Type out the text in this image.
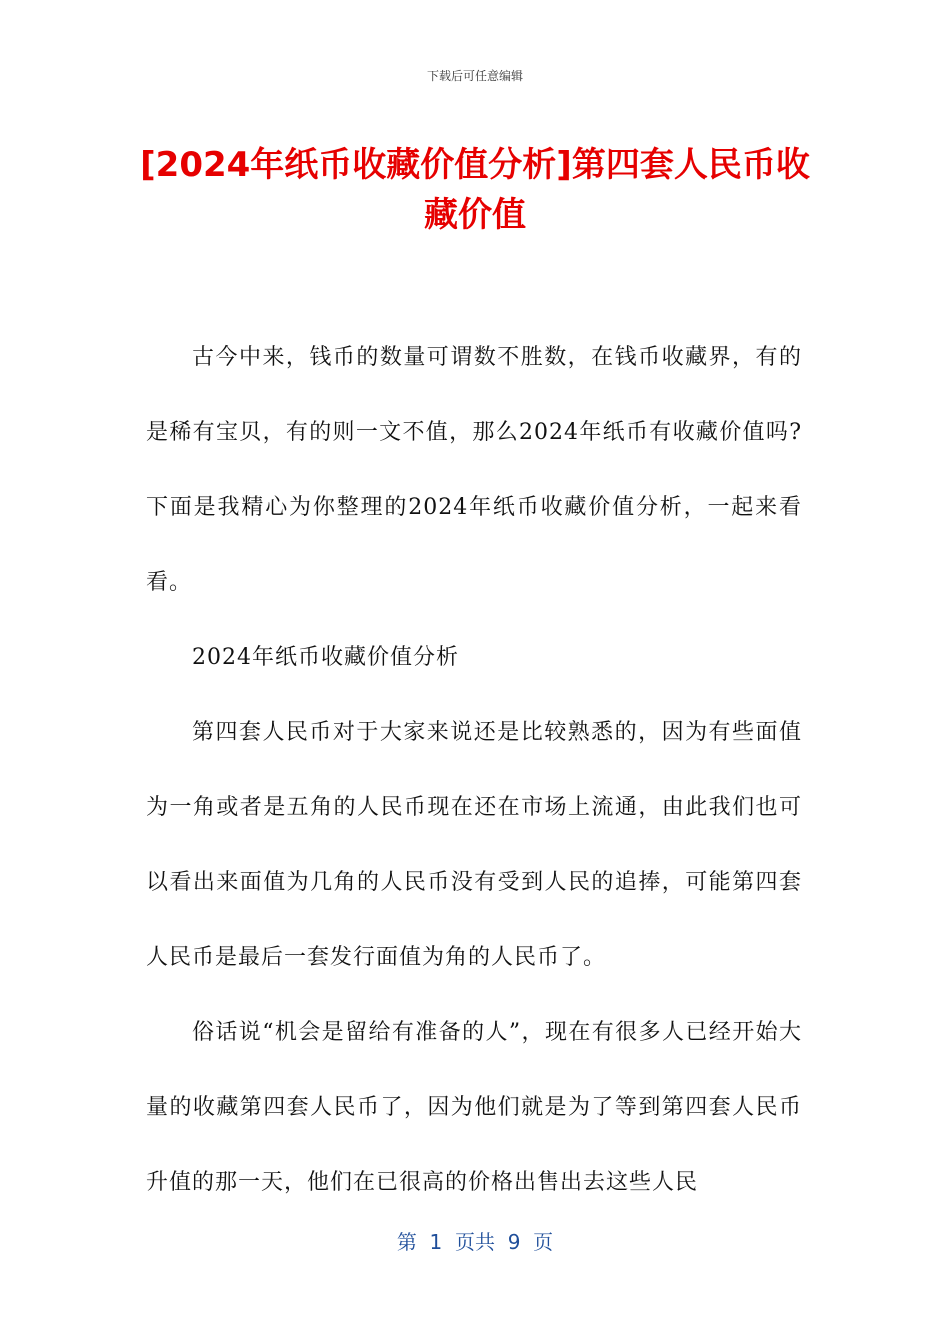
下载后可任意编辑
[2024年纸币收藏价值分析]第四套人民币收藏价值

古今中来，钱币的数量可谓数不胜数，在钱币收藏界，有的是稀有宝贝，有的则一文不值，那么2024年纸币有收藏价值吗?下面是我精心为你整理的2024年纸币收藏价值分析，一起来看看。

2024年纸币收藏价值分析

第四套人民币对于大家来说还是比较熟悉的，因为有些面值为一角或者是五角的人民币现在还在市场上流通，由此我们也可以看出来面值为几角的人民币没有受到人民的追捧，可能第四套人民币是最后一套发行面值为角的人民币了。

俗话说“机会是留给有准备的人”，现在有很多人已经开始大量的收藏第四套人民币了，因为他们就是为了等到第四套人民币升值的那一天，他们在已很高的价格出售出去这些人民

第  1  页共  9  页
